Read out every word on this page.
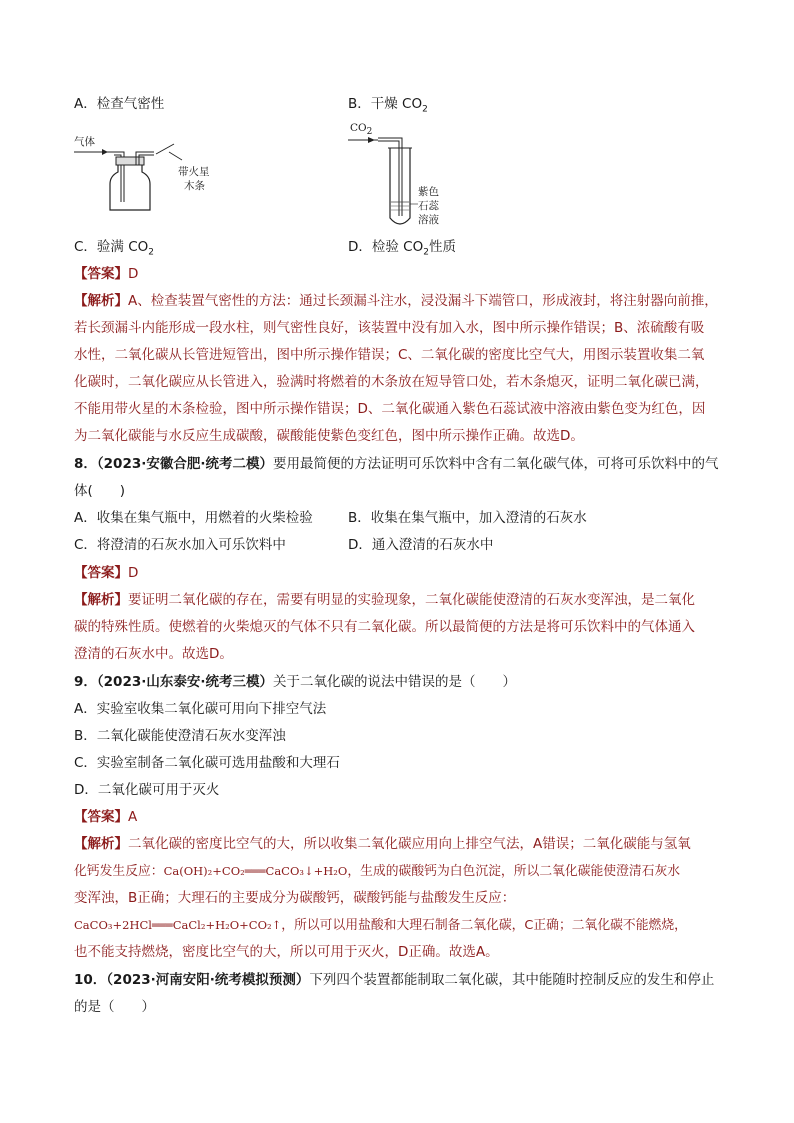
A．检查气密性	B．干燥 $CO_2$
气体
带火星
木条
$CO_2$
紫色
石蕊
溶液
C．验满 $CO_2$	D．检验 $CO_2$性质
【答案】D
【解析】A、检查装置气密性的方法：通过长颈漏斗注水，浸没漏斗下端管口，形成液封，将注射器向前推，
若长颈漏斗内能形成一段水柱，则气密性良好，该装置中没有加入水，图中所示操作错误；B、浓硫酸有吸
水性，二氧化碳从长管进短管出，图中所示操作错误；C、二氧化碳的密度比空气大，用图示装置收集二氧
化碳时，二氧化碳应从长管进入，验满时将燃着的木条放在短导管口处，若木条熄灭，证明二氧化碳已满，
不能用带火星的木条检验，图中所示操作错误；D、二氧化碳通入紫色石蕊试液中溶液由紫色变为红色，因
为二氧化碳能与水反应生成碳酸，碳酸能使紫色变红色，图中所示操作正确。故选D。
8．（2023·安徽合肥·统考二模）要用最简便的方法证明可乐饮料中含有二氧化碳气体，可将可乐饮料中的气
体(　　)
A．收集在集气瓶中，用燃着的火柴检验	B．收集在集气瓶中，加入澄清的石灰水
C．将澄清的石灰水加入可乐饮料中	D．通入澄清的石灰水中
【答案】D
【解析】要证明二氧化碳的存在，需要有明显的实验现象，二氧化碳能使澄清的石灰水变浑浊，是二氧化
碳的特殊性质。使燃着的火柴熄灭的气体不只有二氧化碳。所以最简便的方法是将可乐饮料中的气体通入
澄清的石灰水中。故选D。
9．（2023·山东泰安·统考三模）关于二氧化碳的说法中错误的是（　　）
A．实验室收集二氧化碳可用向下排空气法
B．二氧化碳能使澄清石灰水变浑浊
C．实验室制备二氧化碳可选用盐酸和大理石
D．二氧化碳可用于灭火
【答案】A
【解析】二氧化碳的密度比空气的大，所以收集二氧化碳应用向上排空气法，A错误；二氧化碳能与氢氧
化钙发生反应：Ca(OH)₂+CO₂═══CaCO₃↓+H₂O，生成的碳酸钙为白色沉淀，所以二氧化碳能使澄清石灰水
变浑浊，B正确；大理石的主要成分为碳酸钙，碳酸钙能与盐酸发生反应：
CaCO₃+2HCl═══CaCl₂+H₂O+CO₂↑，所以可以用盐酸和大理石制备二氧化碳，C正确；二氧化碳不能燃烧，
也不能支持燃烧，密度比空气的大，所以可用于灭火，D正确。故选A。
10．（2023·河南安阳·统考模拟预测）下列四个装置都能制取二氧化碳，其中能随时控制反应的发生和停止
的是（　　）
